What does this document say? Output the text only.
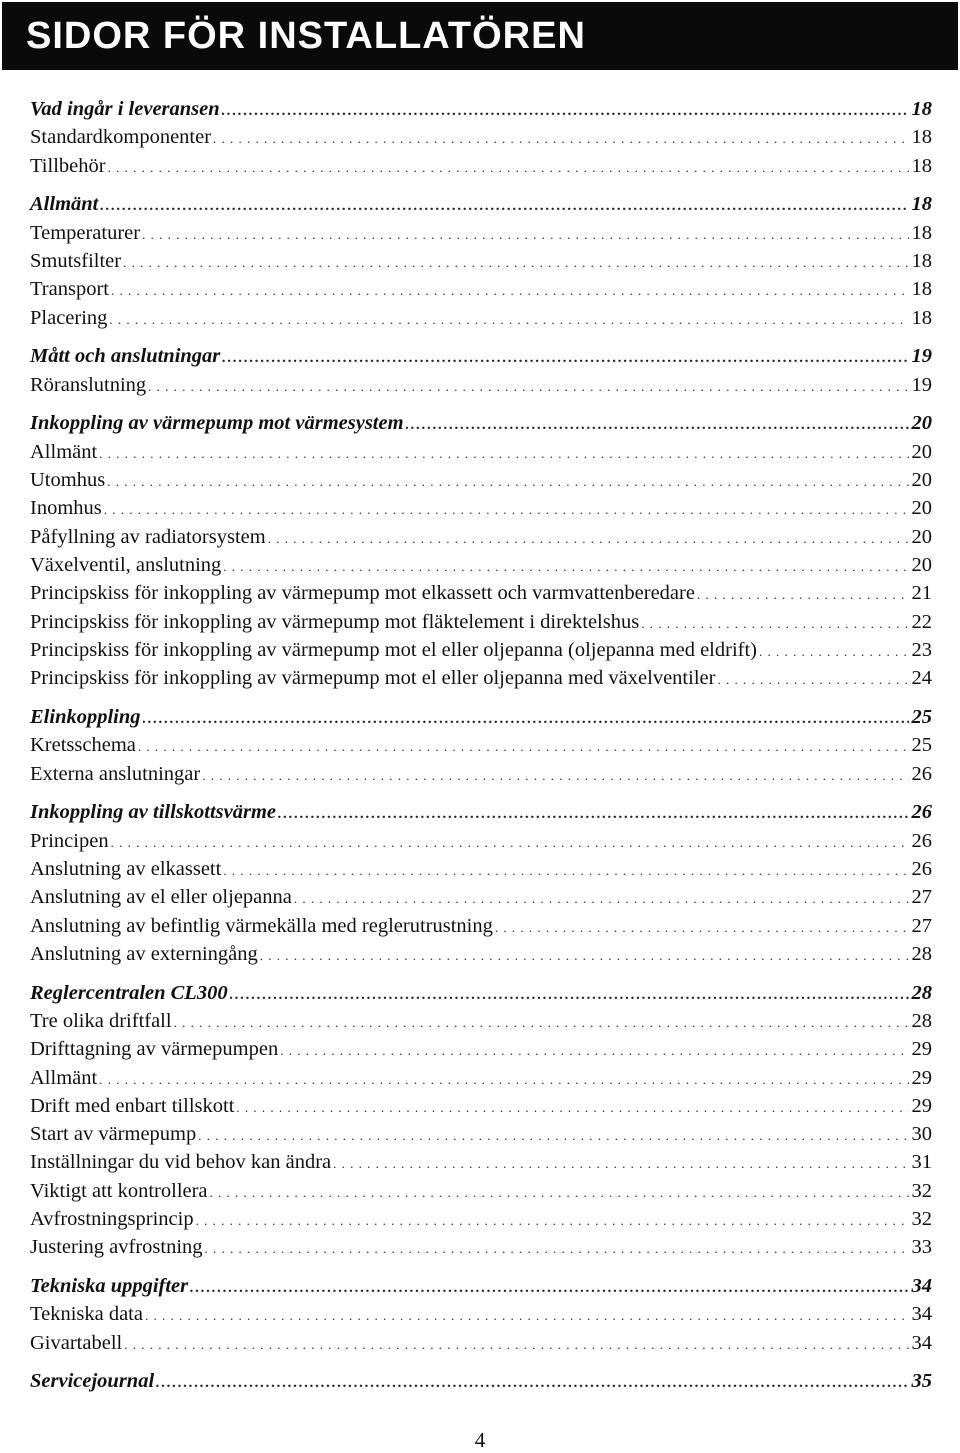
SIDOR FÖR INSTALLATÖREN
Vad ingår i leveransen . . .	18
Standardkomponenter . . .	18
Tillbehör . . .	18
Allmänt . . .	18
Temperaturer . . .	18
Smutsfilter . . .	18
Transport . . .	18
Placering . . .	18
Mått och anslutningar . . .	19
Röranslutning . . .	19
Inkoppling av värmepump mot värmesystem . . .	20
Allmänt . . .	20
Utomhus . . .	20
Inomhus . . .	20
Påfyllning av radiatorsystem . . .	20
Växelventil, anslutning . . .	20
Principskiss för inkoppling av värmepump mot elkassett och varmvattenberedare . . .	21
Principskiss för inkoppling av värmepump mot fläktelement i direktelshus . . .	22
Principskiss för inkoppling av värmepump mot el eller oljepanna (oljepanna med eldrift) . . .	23
Principskiss för inkoppling av värmepump mot el eller oljepanna med växelventiler . . .	24
Elinkoppling . . .	25
Kretsschema . . .	25
Externa anslutningar . . .	26
Inkoppling av tillskottsvärme . . .	26
Principen . . .	26
Anslutning av elkassett . . .	26
Anslutning av el eller oljepanna . . .	27
Anslutning av befintlig värmekälla med reglerutrustning . . .	27
Anslutning av externingång . . .	28
Reglercentralen CL300 . . .	28
Tre olika driftfall . . .	28
Drifttagning av värmepumpen . . .	29
Allmänt . . .	29
Drift med enbart tillskott . . .	29
Start av värmepump . . .	30
Inställningar du vid behov kan ändra . . .	31
Viktigt att kontrollera . . .	32
Avfrostningsprincip . . .	32
Justering avfrostning . . .	33
Tekniska uppgifter . . .	34
Tekniska data . . .	34
Givartabell . . .	34
Servicejournal . . .	35
4
